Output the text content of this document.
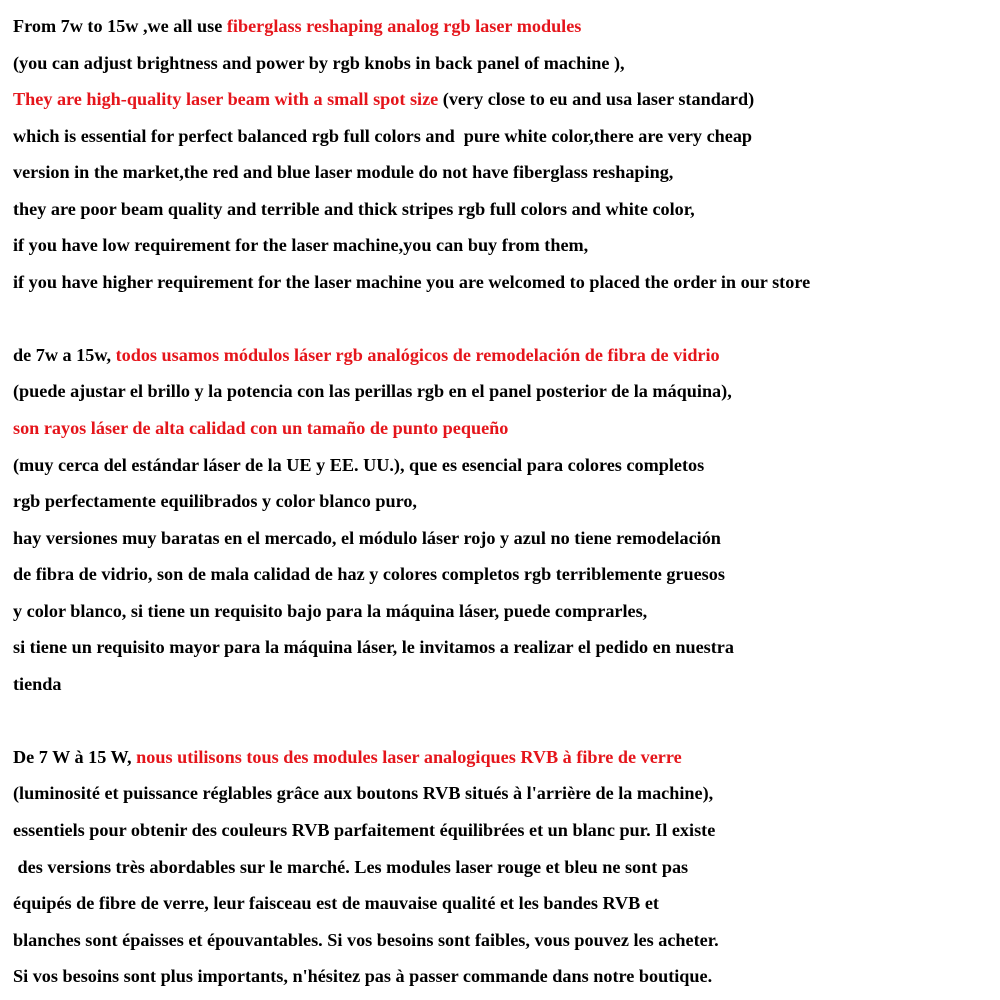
From 7w to 15w ,we all use fiberglass reshaping analog rgb laser modules
(you can adjust brightness and power by rgb knobs in back panel of machine ),
They are high-quality laser beam with a small spot size (very close to eu and usa laser standard)
which is essential for perfect balanced rgb full colors and  pure white color,there are very cheap
version in the market,the red and blue laser module do not have fiberglass reshaping,
they are poor beam quality and terrible and thick stripes rgb full colors and white color,
if you have low requirement for the laser machine,you can buy from them,
if you have higher requirement for the laser machine you are welcomed to placed the order in our store
de 7w a 15w, todos usamos módulos láser rgb analógicos de remodelación de fibra de vidrio
(puede ajustar el brillo y la potencia con las perillas rgb en el panel posterior de la máquina),
son rayos láser de alta calidad con un tamaño de punto pequeño
(muy cerca del estándar láser de la UE y EE. UU.), que es esencial para colores completos
rgb perfectamente equilibrados y color blanco puro,
hay versiones muy baratas en el mercado, el módulo láser rojo y azul no tiene remodelación
de fibra de vidrio, son de mala calidad de haz y colores completos rgb terriblemente gruesos
y color blanco, si tiene un requisito bajo para la máquina láser, puede comprarles,
si tiene un requisito mayor para la máquina láser, le invitamos a realizar el pedido en nuestra
tienda
De 7 W à 15 W, nous utilisons tous des modules laser analogiques RVB à fibre de verre
(luminosité et puissance réglables grâce aux boutons RVB situés à l'arrière de la machine),
essentiels pour obtenir des couleurs RVB parfaitement équilibrées et un blanc pur. Il existe
des versions très abordables sur le marché. Les modules laser rouge et bleu ne sont pas
équipés de fibre de verre, leur faisceau est de mauvaise qualité et les bandes RVB et
blanches sont épaisses et épouvantables. Si vos besoins sont faibles, vous pouvez les acheter.
Si vos besoins sont plus importants, n'hésitez pas à passer commande dans notre boutique.
